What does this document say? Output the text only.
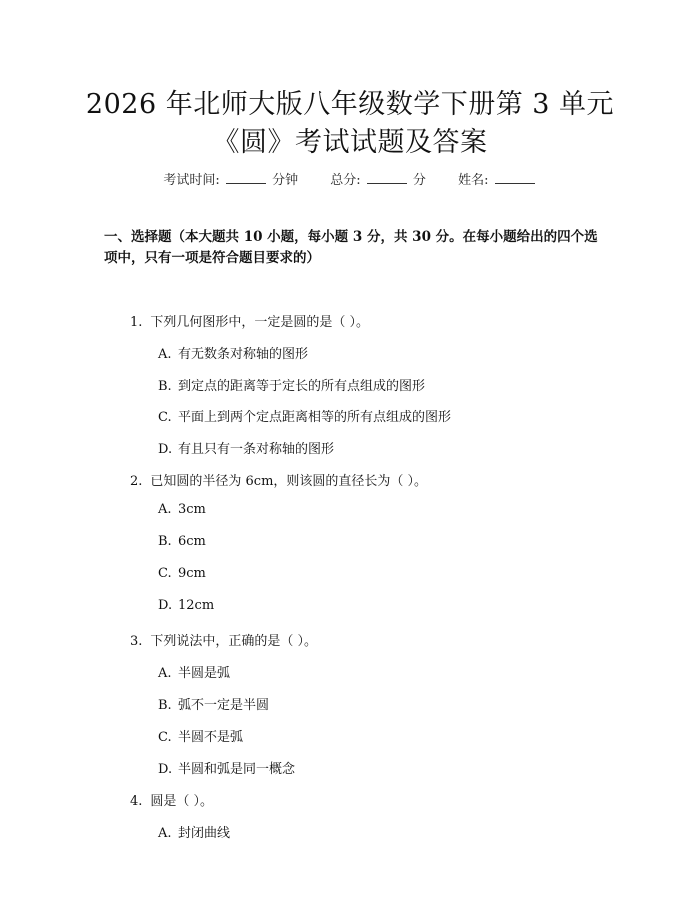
2026 年北师大版八年级数学下册第 3 单元
《圆》考试试题及答案
考试时间:	分钟 总分:	分 姓名:

一、选择题（本大题共 10 小题，每小题 3 分，共 30 分。在每小题给出的四个选项中，只有一项是符合题目要求的）

1. 下列几何图形中，一定是圆的是（ ）。
A. 有无数条对称轴的图形
B. 到定点的距离等于定长的所有点组成的图形
C. 平面上到两个定点距离相等的所有点组成的图形
D. 有且只有一条对称轴的图形
2. 已知圆的半径为 6cm，则该圆的直径长为（ ）。
A. 3cm
B. 6cm
C. 9cm
D. 12cm
3. 下列说法中，正确的是（ ）。
A. 半圆是弧
B. 弧不一定是半圆
C. 半圆不是弧
D. 半圆和弧是同一概念
4. 圆是（ ）。
A. 封闭曲线
